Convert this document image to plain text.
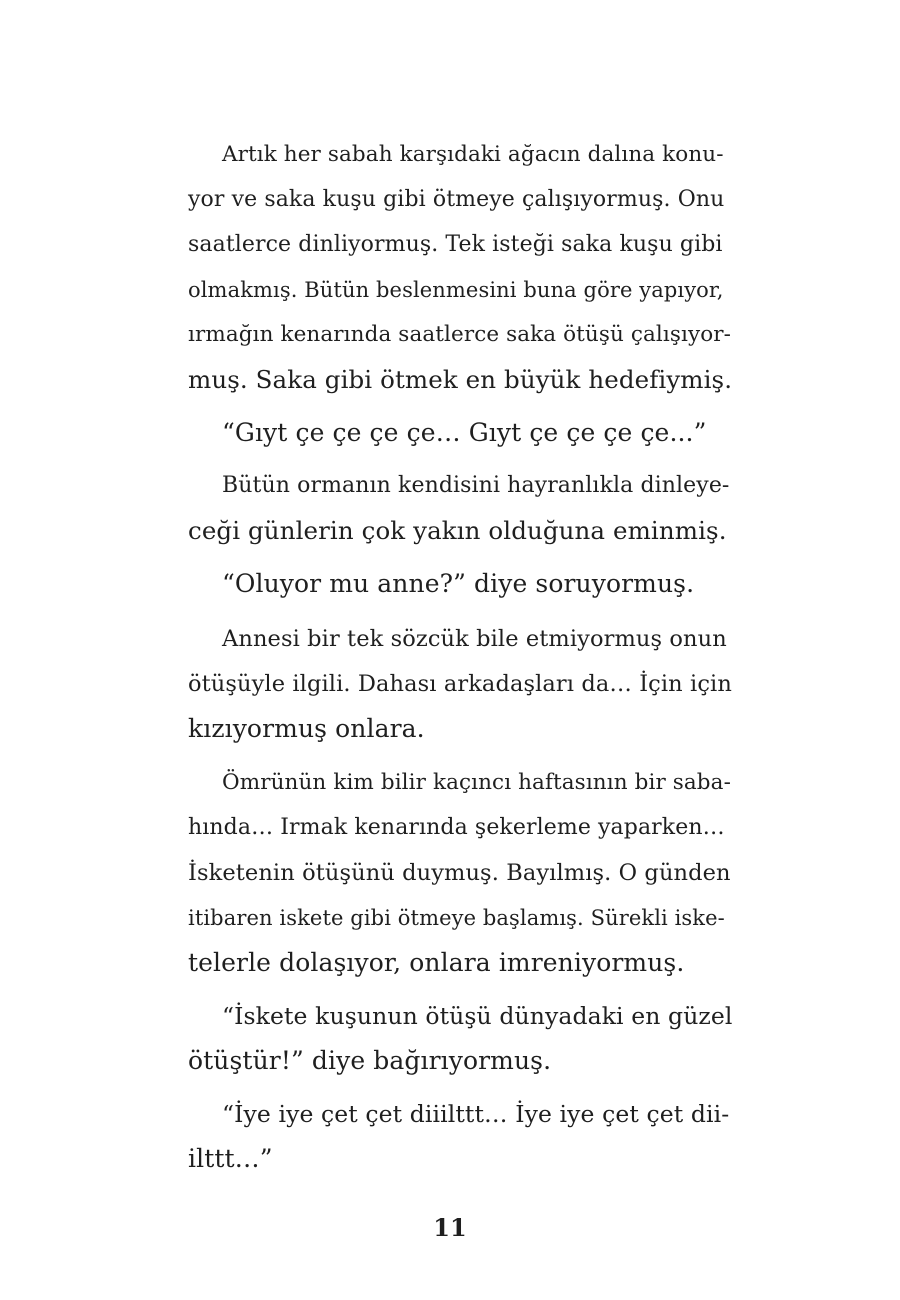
Artık her sabah karşıdaki ağacın dalına konu-
yor ve saka kuşu gibi ötmeye çalışıyormuş. Onu
saatlerce dinliyormuş. Tek isteği saka kuşu gibi
olmakmış. Bütün beslenmesini buna göre yapıyor,
ırmağın kenarında saatlerce saka ötüşü çalışıyor-
muş. Saka gibi ötmek en büyük hedefiymiş.
“Gıyt çe çe çe çe… Gıyt çe çe çe çe...”
Bütün ormanın kendisini hayranlıkla dinleye-
ceği günlerin çok yakın olduğuna eminmiş.
“Oluyor mu anne?” diye soruyormuş.
Annesi bir tek sözcük bile etmiyormuş onun
ötüşüyle ilgili. Dahası arkadaşları da… İçin için
kızıyormuş onlara.
Ömrünün kim bilir kaçıncı haftasının bir saba-
hında… Irmak kenarında şekerleme yaparken…
İsketenin ötüşünü duymuş. Bayılmış. O günden
itibaren iskete gibi ötmeye başlamış. Sürekli iske-
telerle dolaşıyor, onlara imreniyormuş.
“İskete kuşunun ötüşü dünyadaki en güzel
ötüştür!” diye bağırıyormuş.
“İye iye çet çet diiilttt… İye iye çet çet dii-
ilttt…”
11
